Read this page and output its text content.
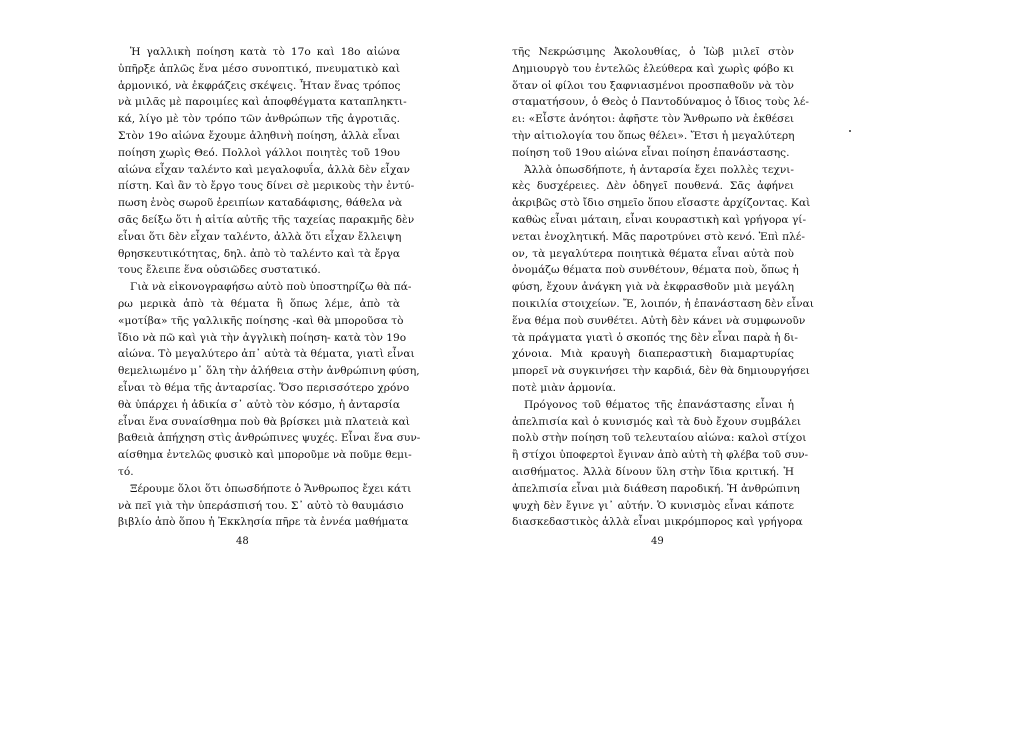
Ἡ γαλλικὴ ποίηση κατὰ τὸ 17ο καὶ 18ο αἰώνα
ὑπῆρξε ἁπλῶς ἕνα μέσο συνοπτικό, πνευματικὸ καὶ
ἁρμονικό, νὰ ἐκφράζεις σκέψεις. Ἦταν ἕνας τρόπος
νὰ μιλᾶς μὲ παροιμίες καὶ ἀποφθέγματα καταπληκτι-
κά, λίγο μὲ τὸν τρόπο τῶν ἀνθρώπων τῆς ἀγροτιᾶς.
Στὸν 19ο αἰώνα ἔχουμε ἀληθινὴ ποίηση, ἀλλὰ εἶναι
ποίηση χωρὶς Θεό. Πολλοὶ γάλλοι ποιητὲς τοῦ 19ου
αἰώνα εἶχαν ταλέντο καὶ μεγαλοφυΐα, ἀλλὰ δὲν εἶχαν
πίστη. Καὶ ἂν τὸ ἔργο τους δίνει σὲ μερικοὺς τὴν ἐντύ-
πωση ἑνὸς σωροῦ ἐρειπίων καταδάφισης, θάθελα νὰ
σᾶς δείξω ὅτι ἡ αἰτία αὐτῆς τῆς ταχείας παρακμῆς δὲν
εἶναι ὅτι δὲν εἶχαν ταλέντο, ἀλλὰ ὅτι εἶχαν ἔλλειψη
θρησκευτικότητας, δηλ. ἀπὸ τὸ ταλέντο καὶ τὰ ἔργα
τους ἔλειπε ἕνα οὐσιῶδες συστατικό.
Γιὰ νὰ εἰκονογραφήσω αὐτὸ ποὺ ὑποστηρίζω θὰ πά-
ρω μερικὰ ἀπὸ τὰ θέματα ἢ ὅπως λέμε, ἀπὸ τὰ
«μοτίβα» τῆς γαλλικῆς ποίησης -καὶ θὰ μποροῦσα τὸ
ἴδιο νὰ πῶ καὶ γιὰ τὴν ἀγγλικὴ ποίηση- κατὰ τὸν 19ο
αἰώνα. Τὸ μεγαλύτερο ἀπ᾽ αὐτὰ τὰ θέματα, γιατὶ εἶναι
θεμελιωμένο μ᾽ ὅλη τὴν ἀλήθεια στὴν ἀνθρώπινη φύση,
εἶναι τὸ θέμα τῆς ἀνταρσίας. Ὅσο περισσότερο χρόνο
θὰ ὑπάρχει ἡ ἀδικία σ᾽ αὐτὸ τὸν κόσμο, ἡ ἀνταρσία
εἶναι ἕνα συναίσθημα ποὺ θὰ βρίσκει μιὰ πλατειὰ καὶ
βαθειὰ ἀπήχηση στὶς ἀνθρώπινες ψυχές. Εἶναι ἕνα συν-
αίσθημα ἐντελῶς φυσικὸ καὶ μποροῦμε νὰ ποῦμε θεμι-
τό.
Ξέρουμε ὅλοι ὅτι ὁπωσδήποτε ὁ Ἄνθρωπος ἔχει κάτι
νὰ πεῖ γιὰ τὴν ὑπεράσπισή του. Σ᾽ αὐτὸ τὸ θαυμάσιο
βιβλίο ἀπὸ ὅπου ἡ Ἐκκλησία πῆρε τὰ ἐννέα μαθήματα

48

τῆς Νεκρώσιμης Ἀκολουθίας, ὁ Ἰὼβ μιλεῖ στὸν
Δημιουργὸ του ἐντελῶς ἐλεύθερα καὶ χωρὶς φόβο κι
ὅταν οἱ φίλοι του ξαφνιασμένοι προσπαθοῦν νὰ τὸν
σταματήσουν, ὁ Θεὸς ὁ Παντοδύναμος ὁ ἴδιος τοὺς λέ-
ει: «Εἶστε ἀνόητοι: ἀφῆστε τὸν Ἄνθρωπο νὰ ἐκθέσει
τὴν αἰτιολογία του ὅπως θέλει». Ἔτσι ἡ μεγαλύτερη
ποίηση τοῦ 19ου αἰώνα εἶναι ποίηση ἐπανάστασης.
Ἀλλὰ ὁπωσδήποτε, ἡ ἀνταρσία ἔχει πολλὲς τεχνι-
κὲς δυσχέρειες. Δὲν ὁδηγεῖ πουθενά. Σᾶς ἀφήνει
ἀκριβῶς στὸ ἴδιο σημεῖο ὅπου εἴσαστε ἀρχίζοντας. Καὶ
καθὼς εἶναι μάταιη, εἶναι κουραστικὴ καὶ γρήγορα γί-
νεται ἐνοχλητική. Μᾶς παροτρύνει στὸ κενό. Ἐπὶ πλέ-
ον, τὰ μεγαλύτερα ποιητικὰ θέματα εἶναι αὐτὰ ποὺ
ὀνομάζω θέματα ποὺ συνθέτουν, θέματα ποὺ, ὅπως ἡ
φύση, ἔχουν ἀνάγκη γιὰ νὰ ἐκφρασθοῦν μιὰ μεγάλη
ποικιλία στοιχείων. Ἔ, λοιπόν, ἡ ἐπανάσταση δὲν εἶναι
ἕνα θέμα ποὺ συνθέτει. Αὐτὴ δὲν κάνει νὰ συμφωνοῦν
τὰ πράγματα γιατὶ ὁ σκοπός της δὲν εἶναι παρὰ ἡ δι-
χόνοια. Μιὰ κραυγὴ διαπεραστικὴ διαμαρτυρίας
μπορεῖ νὰ συγκινήσει τὴν καρδιά, δὲν θὰ δημιουργήσει
ποτὲ μιὰν ἁρμονία.
Πρόγονος τοῦ θέματος τῆς ἐπανάστασης εἶναι ἡ
ἀπελπισία καὶ ὁ κυνισμός καὶ τὰ δυὸ ἔχουν συμβάλει
πολὺ στὴν ποίηση τοῦ τελευταίου αἰώνα: καλοὶ στίχοι
ἢ στίχοι ὑποφερτοὶ ἔγιναν ἀπὸ αὐτὴ τὴ φλέβα τοῦ συν-
αισθήματος. Ἀλλὰ δίνουν ὕλη στὴν ἴδια κριτική. Ἡ
ἀπελπισία εἶναι μιὰ διάθεση παροδική. Ἡ ἀνθρώπινη
ψυχὴ δὲν ἔγινε γι᾽ αὐτήν. Ὁ κυνισμὸς εἶναι κάποτε
διασκεδαστικὸς ἀλλὰ εἶναι μικρόμπορος καὶ γρήγορα

49
